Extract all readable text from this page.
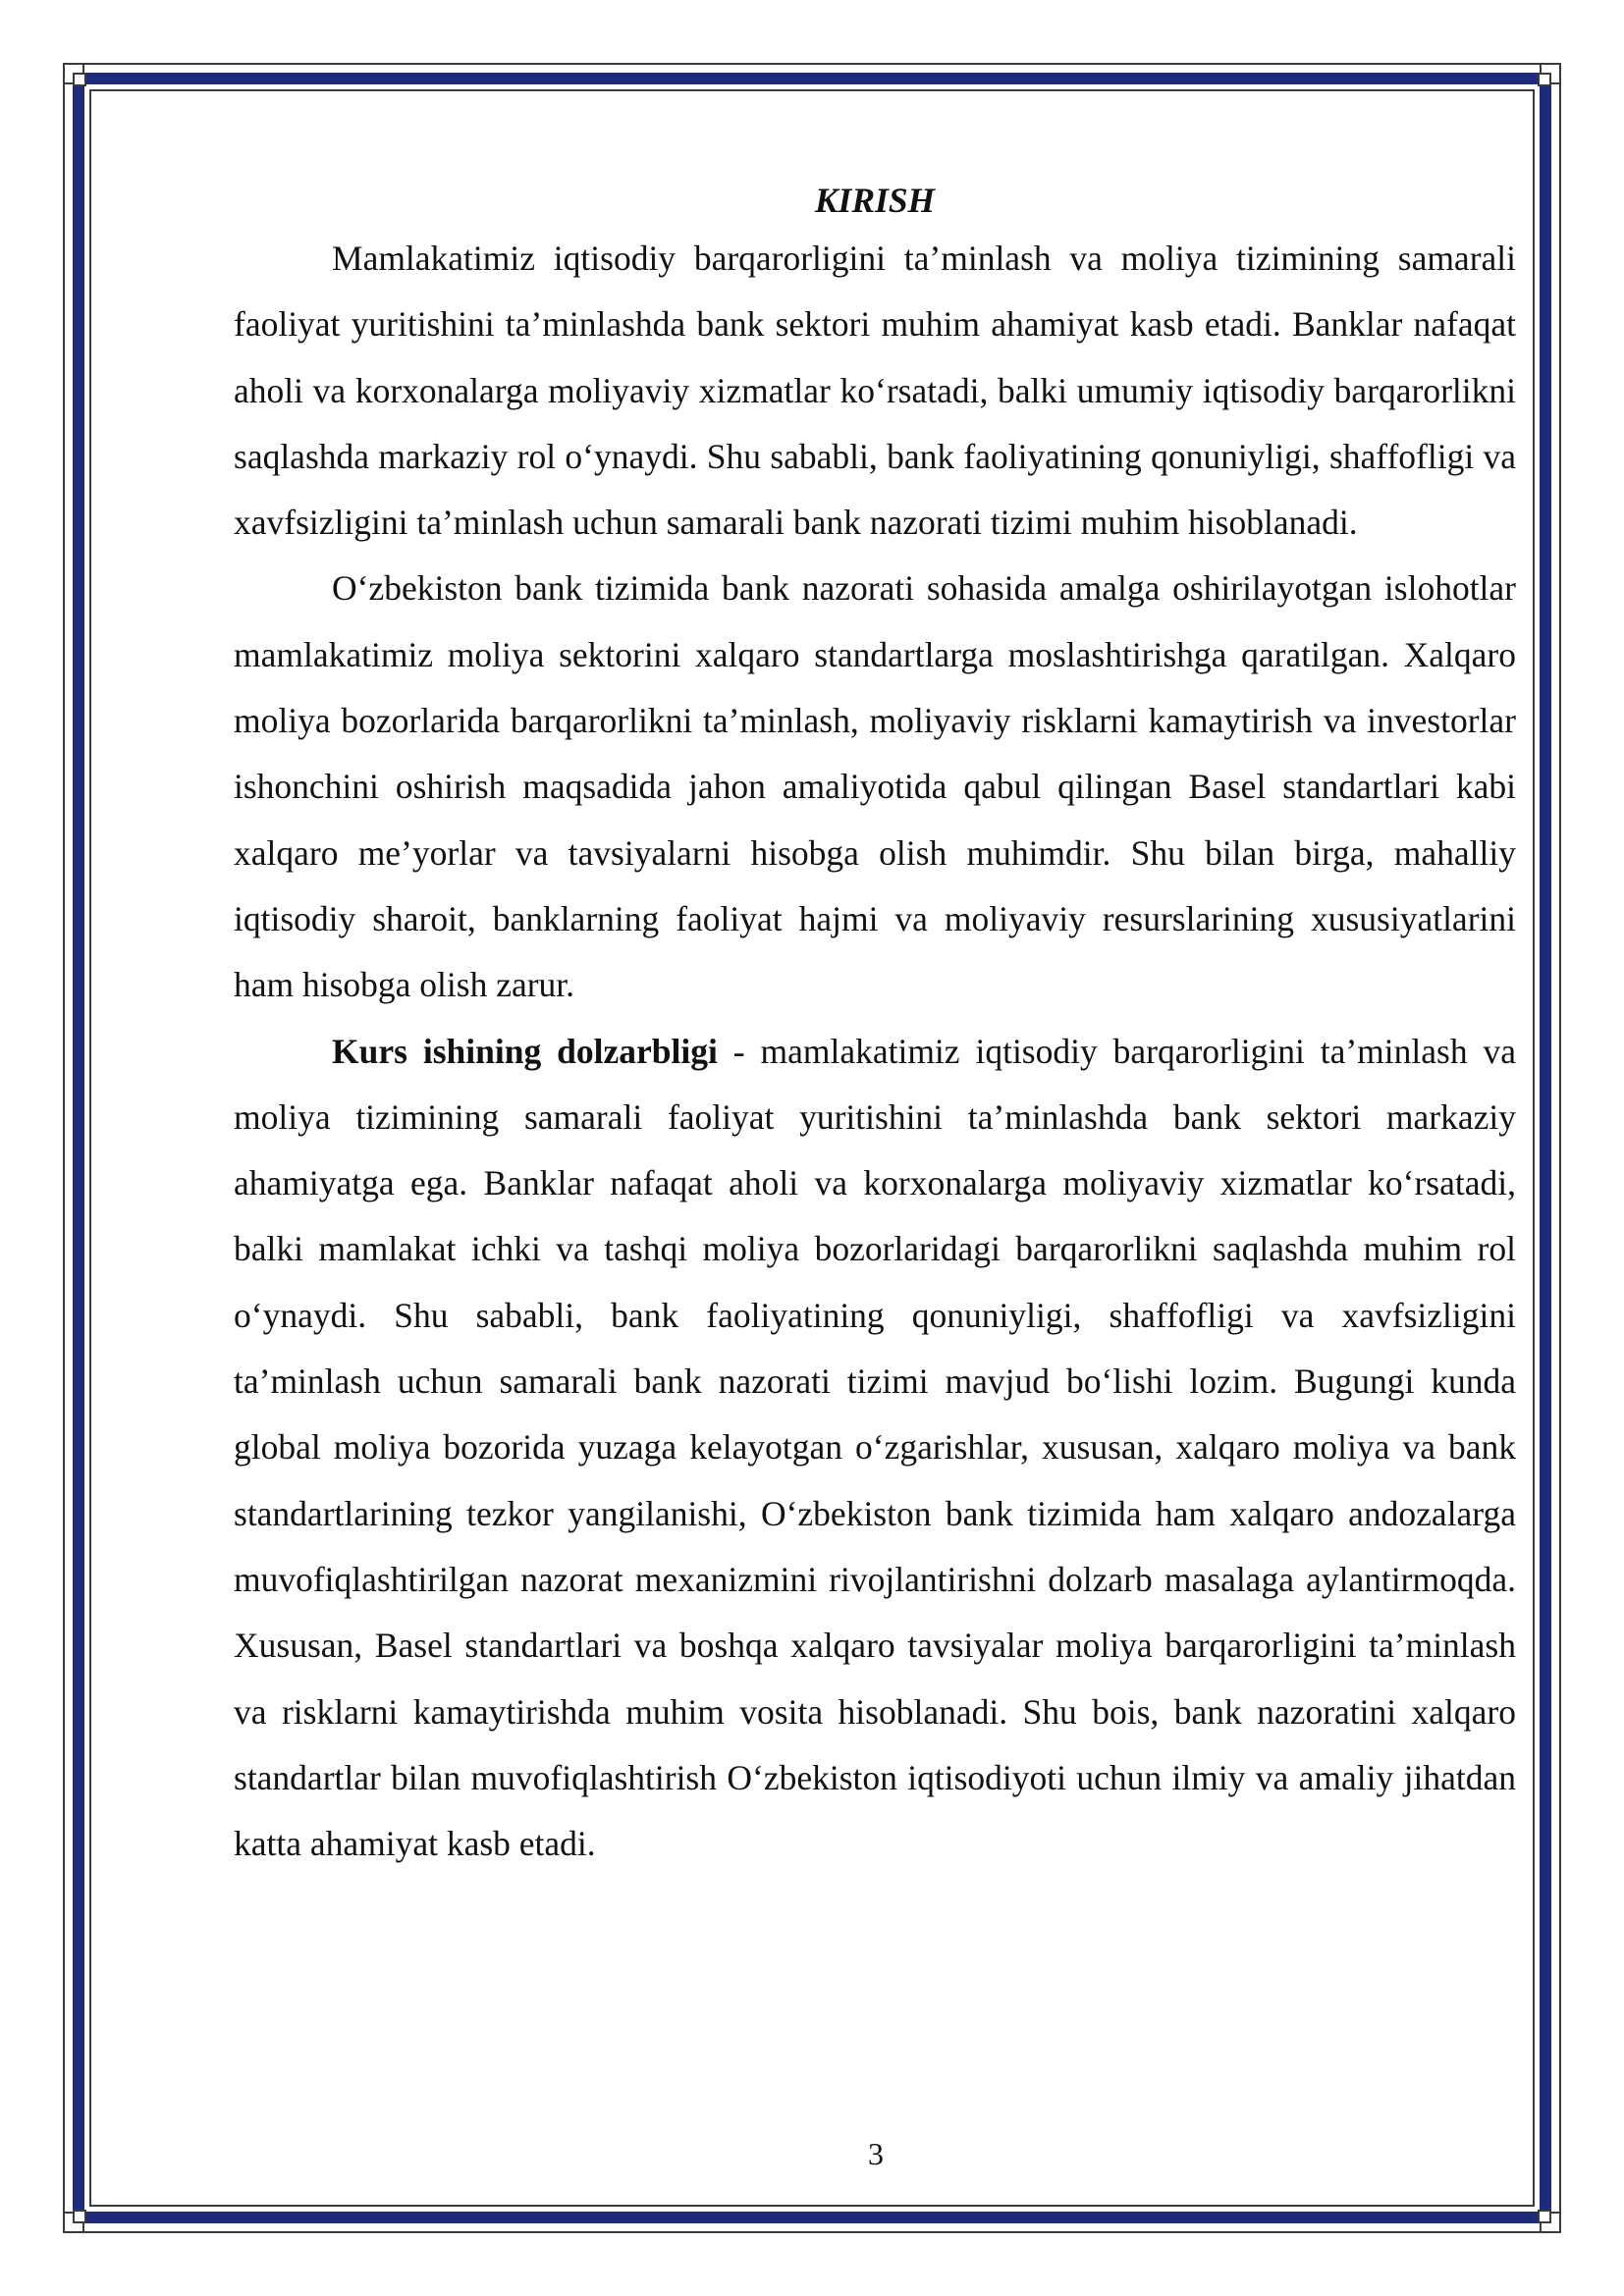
KIRISH

Mamlakatimiz iqtisodiy barqarorligini ta’minlash va moliya tizimining samarali faoliyat yuritishini ta’minlashda bank sektori muhim ahamiyat kasb etadi. Banklar nafaqat aholi va korxonalarga moliyaviy xizmatlar ko‘rsatadi, balki umumiy iqtisodiy barqarorlikni saqlashda markaziy rol o‘ynaydi. Shu sababli, bank faoliyatining qonuniyligi, shaffofligi va xavfsizligini ta’minlash uchun samarali bank nazorati tizimi muhim hisoblanadi.

O‘zbekiston bank tizimida bank nazorati sohasida amalga oshirilayotgan islohotlar mamlakatimiz moliya sektorini xalqaro standartlarga moslashtirishga qaratilgan. Xalqaro moliya bozorlarida barqarorlikni ta’minlash, moliyaviy risklarni kamaytirish va investorlar ishonchini oshirish maqsadida jahon amaliyotida qabul qilingan Basel standartlari kabi xalqaro me’yorlar va tavsiyalarni hisobga olish muhimdir. Shu bilan birga, mahalliy iqtisodiy sharoit, banklarning faoliyat hajmi va moliyaviy resurslarining xususiyatlarini ham hisobga olish zarur.

Kurs ishining dolzarbligi - mamlakatimiz iqtisodiy barqarorligini ta’minlash va moliya tizimining samarali faoliyat yuritishini ta’minlashda bank sektori markaziy ahamiyatga ega. Banklar nafaqat aholi va korxonalarga moliyaviy xizmatlar ko‘rsatadi, balki mamlakat ichki va tashqi moliya bozorlaridagi barqarorlikni saqlashda muhim rol o‘ynaydi. Shu sababli, bank faoliyatining qonuniyligi, shaffofligi va xavfsizligini ta’minlash uchun samarali bank nazorati tizimi mavjud bo‘lishi lozim. Bugungi kunda global moliya bozorida yuzaga kelayotgan o‘zgarishlar, xususan, xalqaro moliya va bank standartlarining tezkor yangilanishi, O‘zbekiston bank tizimida ham xalqaro andozalarga muvofiqlashtirilgan nazorat mexanizmini rivojlantirishni dolzarb masalaga aylantirmoqda. Xususan, Basel standartlari va boshqa xalqaro tavsiyalar moliya barqarorligini ta’minlash va risklarni kamaytirishda muhim vosita hisoblanadi. Shu bois, bank nazoratini xalqaro standartlar bilan muvofiqlashtirish O‘zbekiston iqtisodiyoti uchun ilmiy va amaliy jihatdan katta ahamiyat kasb etadi.

3
